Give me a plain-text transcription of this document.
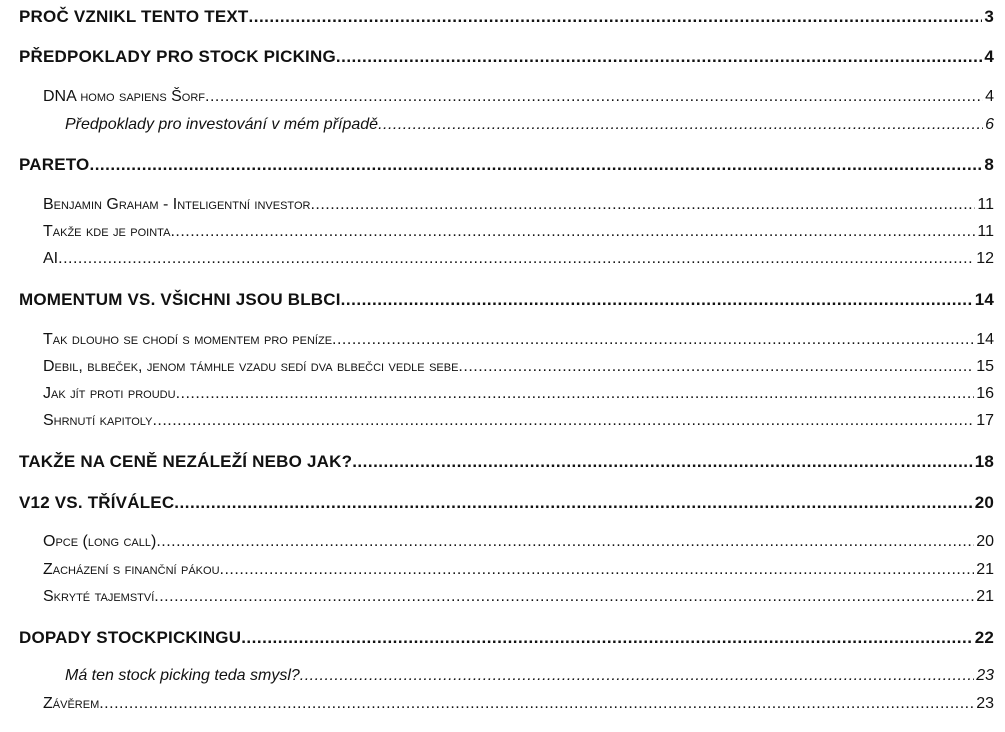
PROČ VZNIKL TENTO TEXT .....	3
PŘEDPOKLADY PRO STOCK PICKING .....	4
DNA homo sapiens Šorf .....	4
Předpoklady pro investování v mém případě .....	6
PARETO .....	8
Benjamin Graham - Inteligentní investor .....	11
Takže kde je pointa .....	11
AI .....	12
MOMENTUM VS. VŠICHNI JSOU BLBCI .....	14
Tak dlouho se chodí s momentem pro peníze .....	14
Debil, blbeček, jenom támhle vzadu sedí dva blbečci vedle sebe .....	15
Jak jít proti proudu .....	16
Shrnutí kapitoly .....	17
TAKŽE NA CENĚ NEZÁLEŽÍ NEBO JAK? .....	18
V12 VS. TŘÍVÁLEC .....	20
Opce (long call) .....	20
Zacházení s finanční pákou .....	21
Skryté tajemství .....	21
DOPADY STOCKPICKINGU .....	22
Má ten stock picking teda smysl? .....	23
Závěrem .....	23
